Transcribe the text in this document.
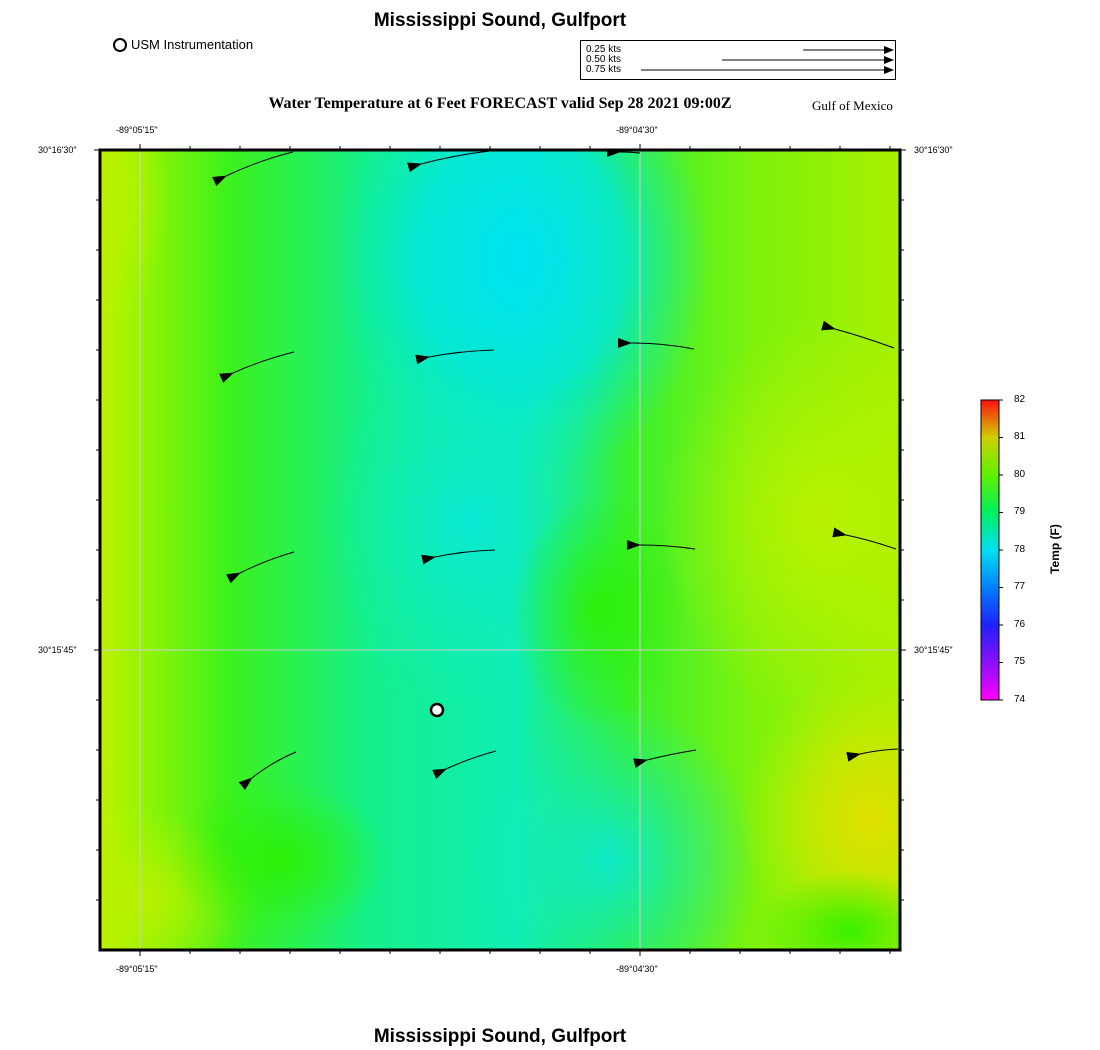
Mississippi Sound, Gulfport
USM Instrumentation	0.25 kts
0.50 kts
0.75 kts
Water Temperature at 6 Feet FORECAST valid Sep 28 2021 09:00Z	Gulf of Mexico
-89°05'15"	-89°04'30"
-89°05'15"	-89°04'30"
30°16'30"
30°15'45"
30°16'30"
30°15'45"
82
81
80
79
78
77
76
75
74
Temp (F)
Mississippi Sound, Gulfport
